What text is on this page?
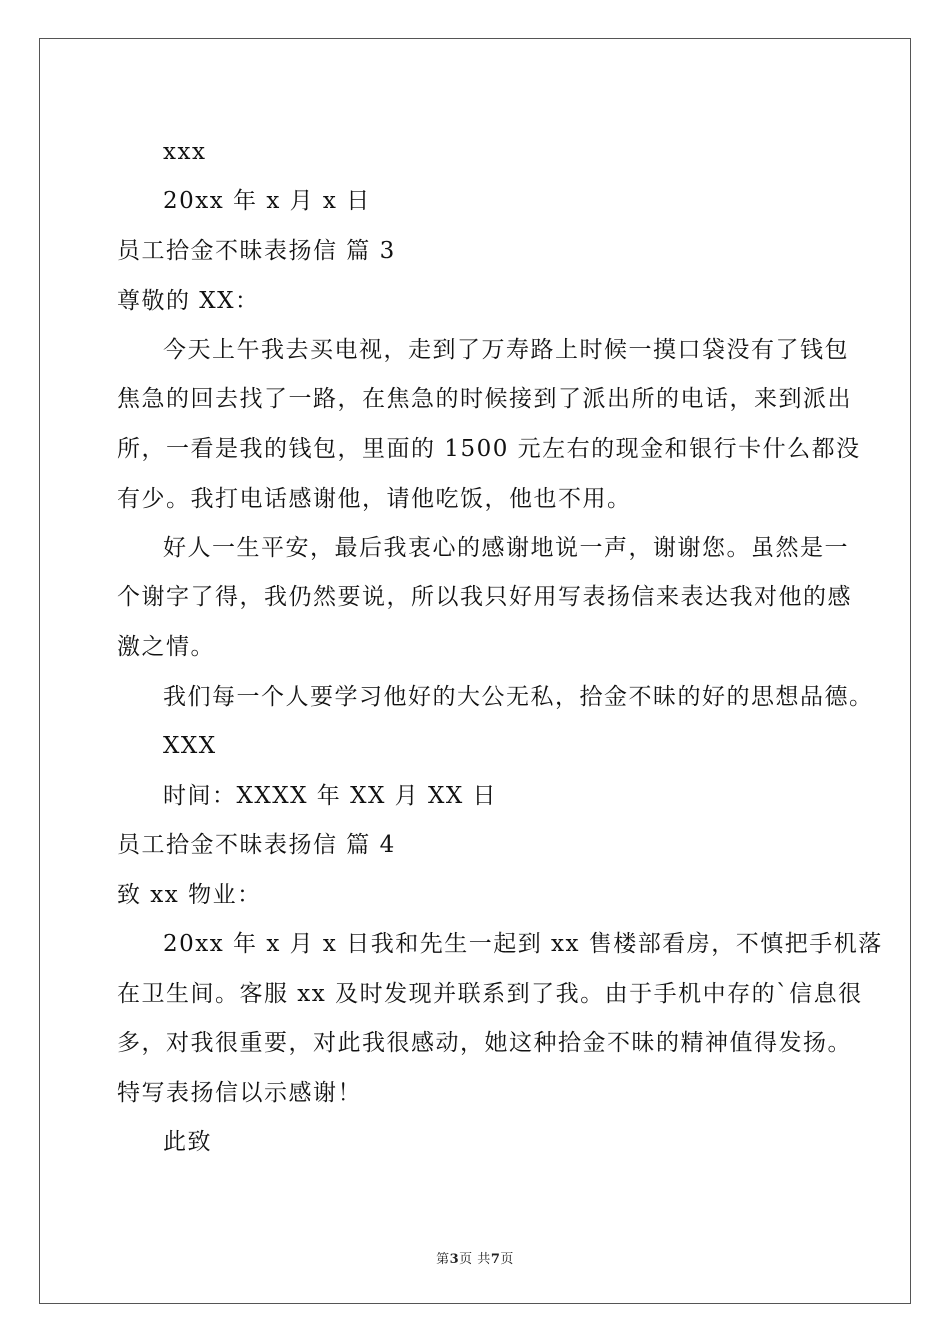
xxx
20xx 年 x 月 x 日
员工拾金不昧表扬信 篇 3
尊敬的 XX：
今天上午我去买电视，走到了万寿路上时候一摸口袋没有了钱包
焦急的回去找了一路，在焦急的时候接到了派出所的电话，来到派出
所，一看是我的钱包，里面的 1500 元左右的现金和银行卡什么都没
有少。我打电话感谢他，请他吃饭，他也不用。
好人一生平安，最后我衷心的感谢地说一声，谢谢您。虽然是一
个谢字了得，我仍然要说，所以我只好用写表扬信来表达我对他的感
激之情。
我们每一个人要学习他好的大公无私，拾金不昧的好的思想品德。
XXX
时间：XXXX 年 XX 月 XX 日
员工拾金不昧表扬信 篇 4
致 xx 物业：
20xx 年 x 月 x 日我和先生一起到 xx 售楼部看房，不慎把手机落
在卫生间。客服 xx 及时发现并联系到了我。由于手机中存的`信息很
多，对我很重要，对此我很感动，她这种拾金不昧的精神值得发扬。
特写表扬信以示感谢！
此致
第3页 共7页
